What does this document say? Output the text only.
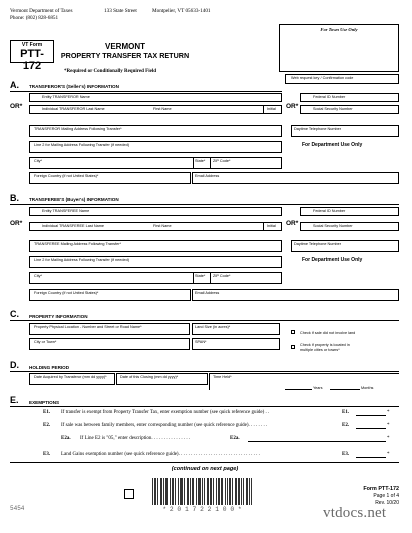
Vermont Department of Taxes	133 State Street	Montpelier, VT 05633-1401
Phone: (802) 828-6851
For Town Use Only
VT Form
PTT-172
VERMONT
PROPERTY TRANSFER TAX RETURN
*Required or Conditionally Required Field
Web request key / Confirmation code
A. TRANSFEROR'S (Seller's) INFORMATION
Entity TRANSFEROR Name
OR*	Individual TRANSFEROR Last Name	First Name	Initial
Federal ID Number
OR*	Social Security Number
TRANSFEROR Mailing Address Following Transfer*	Daytime Telephone Number
Line 2 for Mailing Address Following Transfer (if needed)	For Department Use Only
City*	State* ZIP Code*
Foreign Country (if not United States)*	Email Address
B. TRANSFEREE'S (Buyer's) INFORMATION
Entity TRANSFEREE Name
OR*	Individual TRANSFEREE Last Name	First Name	Initial
Federal ID Number
OR*	Social Security Number
TRANSFEREE Mailing Address Following Transfer*	Daytime Telephone Number
Line 2 for Mailing Address Following Transfer (if needed)	For Department Use Only
City*	State* ZIP Code*
Foreign Country (if not United States)*	Email Address
C. PROPERTY INFORMATION
Property Physical Location - Number and Street or Road Name*	Land Size (in acres)*
Check if sale did not involve land
City or Town*	SPAN*
Check if property is located in
multiple cities or towns*
D. HOLDING PERIOD
Date Acquired by Transferor (mm dd yyyy)*	Date of this Closing (mm dd yyyy)*	Time Held*
Years	Months
E. EXEMPTIONS
E1. If transfer is exempt from Property Transfer Tax, enter exemption number (see quick reference guide) . .	E1.	*
E2. If sale was between family members, enter corresponding number (see quick reference guide). . . . . . . .	E2.	*
E2a. If Line E2 is "05," enter description. . . . . . . . . . . . . . . .	E2a.	*
E3. Land Gains exemption number (see quick reference guide). . . . . . . . . . . . . . . . . . . . . . . . . . . . . . . . .	E3.	*
(continued on next page)
* 2 0 1 7 2 2 1 0 0 *
Form PTT-172
Page 1 of 4
Rev. 10/20
5454	vtdocs.net
